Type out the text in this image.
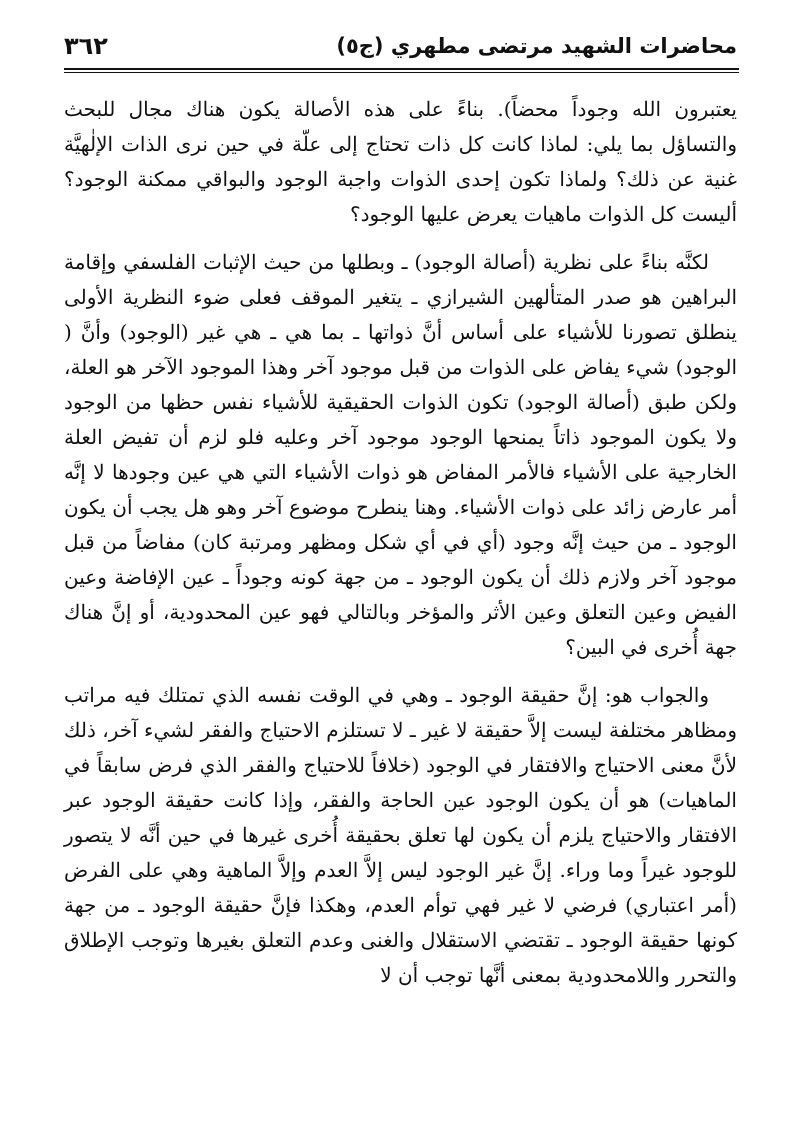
محاضرات الشهيد مرتضى مطهري (ج٥)
٣٦٢

يعتبرون الله وجوداً محضاً). بناءً على هذه الأصالة يكون هناك مجال للبحث والتساؤل بما يلي: لماذا كانت كل ذات تحتاج إلى علّة في حين نرى الذات الإلٰهيَّة غنية عن ذلك؟ ولماذا تكون إحدى الذوات واجبة الوجود والبواقي ممكنة الوجود؟ أليست كل الذوات ماهيات يعرض عليها الوجود؟

لكنَّه بناءً على نظرية (أصالة الوجود) ـ وبطلها من حيث الإثبات الفلسفي وإقامة البراهين هو صدر المتألهين الشيرازي ـ يتغير الموقف فعلى ضوء النظرية الأولى ينطلق تصورنا للأشياء على أساس أنَّ ذواتها ـ بما هي ـ هي غير (الوجود) وأنَّ ( الوجود) شيء يفاض على الذوات من قبل موجود آخر وهذا الموجود الآخر هو العلة، ولكن طبق (أصالة الوجود) تكون الذوات الحقيقية للأشياء نفس حظها من الوجود ولا يكون الموجود ذاتاً يمنحها الوجود موجود آخر وعليه فلو لزم أن تفيض العلة الخارجية على الأشياء فالأمر المفاض هو ذوات الأشياء التي هي عين وجودها لا إنَّه أمر عارض زائد على ذوات الأشياء. وهنا ينطرح موضوع آخر وهو هل يجب أن يكون الوجود ـ من حيث إنَّه وجود (أي في أي شكل ومظهر ومرتبة كان) مفاضاً من قبل موجود آخر ولازم ذلك أن يكون الوجود ـ من جهة كونه وجوداً ـ عين الإفاضة وعين الفيض وعين التعلق وعين الأثر والمؤخر وبالتالي فهو عين المحدودية، أو إنَّ هناك جهة أُخرى في البين؟

والجواب هو: إنَّ حقيقة الوجود ـ وهي في الوقت نفسه الذي تمتلك فيه مراتب ومظاهر مختلفة ليست إلاَّ حقيقة لا غير ـ لا تستلزم الاحتياج والفقر لشيء آخر، ذلك لأنَّ معنى الاحتياج والافتقار في الوجود (خلافاً للاحتياج والفقر الذي فرض سابقاً في الماهيات) هو أن يكون الوجود عين الحاجة والفقر، وإذا كانت حقيقة الوجود عبر الافتقار والاحتياج يلزم أن يكون لها تعلق بحقيقة أُخرى غيرها في حين أنَّه لا يتصور للوجود غيراً وما وراء. إنَّ غير الوجود ليس إلاَّ العدم وإلاَّ الماهية وهي على الفرض (أمر اعتباري) فرضي لا غير فهي توأم العدم، وهكذا فإنَّ حقيقة الوجود ـ من جهة كونها حقيقة الوجود ـ تقتضي الاستقلال والغنى وعدم التعلق بغيرها وتوجب الإطلاق والتحرر واللامحدودية بمعنى أنَّها توجب أن لا
